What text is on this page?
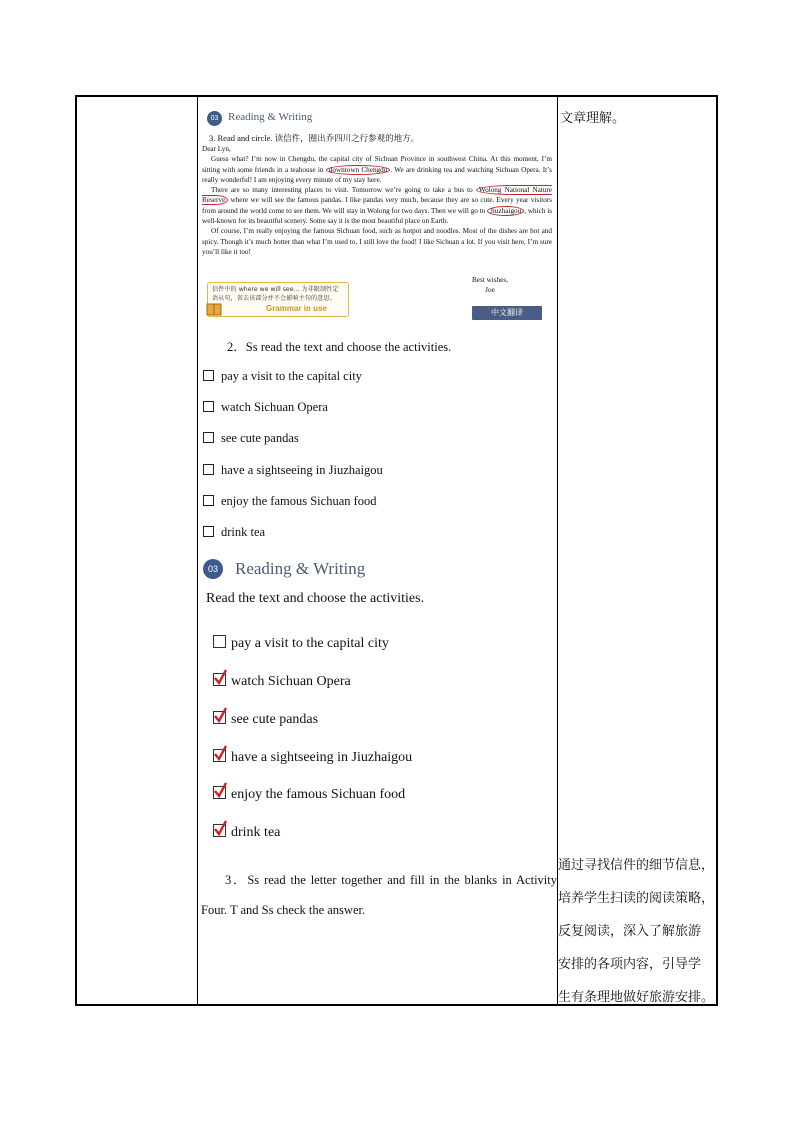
03 Reading & Writing
3. Read and circle. 读信件，圈出乔四川之行参观的地方。

Dear Lyn,

Guess what? I’m now in Chengdu, the capital city of Sichuan Province in southwest China. At this moment, I’m sitting with some friends in a teahouse in downtown Chengdu . We are drinking tea and watching Sichuan Opera. It’s really wonderful! I am enjoying every minute of my stay here.

There are so many interesting places to visit. Tomorrow we’re going to take a bus to Wolong National Nature Reserve where we will see the famous pandas. I like pandas very much, because they are so cute. Every year visitors from around the world come to see them. We will stay in Wolong for two days. Then we will go to Jiuzhaigou , which is well-known for its beautiful scenery. Some say it is the most beautiful place on Earth.

Of course, I’m really enjoying the famous Sichuan food, such as hotpot and noodles. Most of the dishes are hot and spicy. Though it’s much hotter than what I’m used to, I still love the food! I like Sichuan a lot. If you visit here, I’m sure you’ll like it too!

Best wishes,
Joe
信件中的 where we will see... 为非限制性定语从句，省去该部分并不会影响主句的意思。
Grammar in use	中文翻译
2．Ss read the text and choose the activities.
pay a visit to the capital city
watch Sichuan Opera
see cute pandas
have a sightseeing in Jiuzhaigou
enjoy the famous Sichuan food
drink tea
03 Reading & Writing
Read the text and choose the activities.
pay a visit to the capital city
watch Sichuan Opera
see cute pandas
have a sightseeing in Jiuzhaigou
enjoy the famous Sichuan food
drink tea
3．Ss read the letter together and fill in the blanks in Activity Four. T and Ss check the answer.
文章理解。
通过寻找信件的细节信息，
培养学生扫读的阅读策略，
反复阅读，深入了解旅游
安排的各项内容，引导学
生有条理地做好旅游安排。
